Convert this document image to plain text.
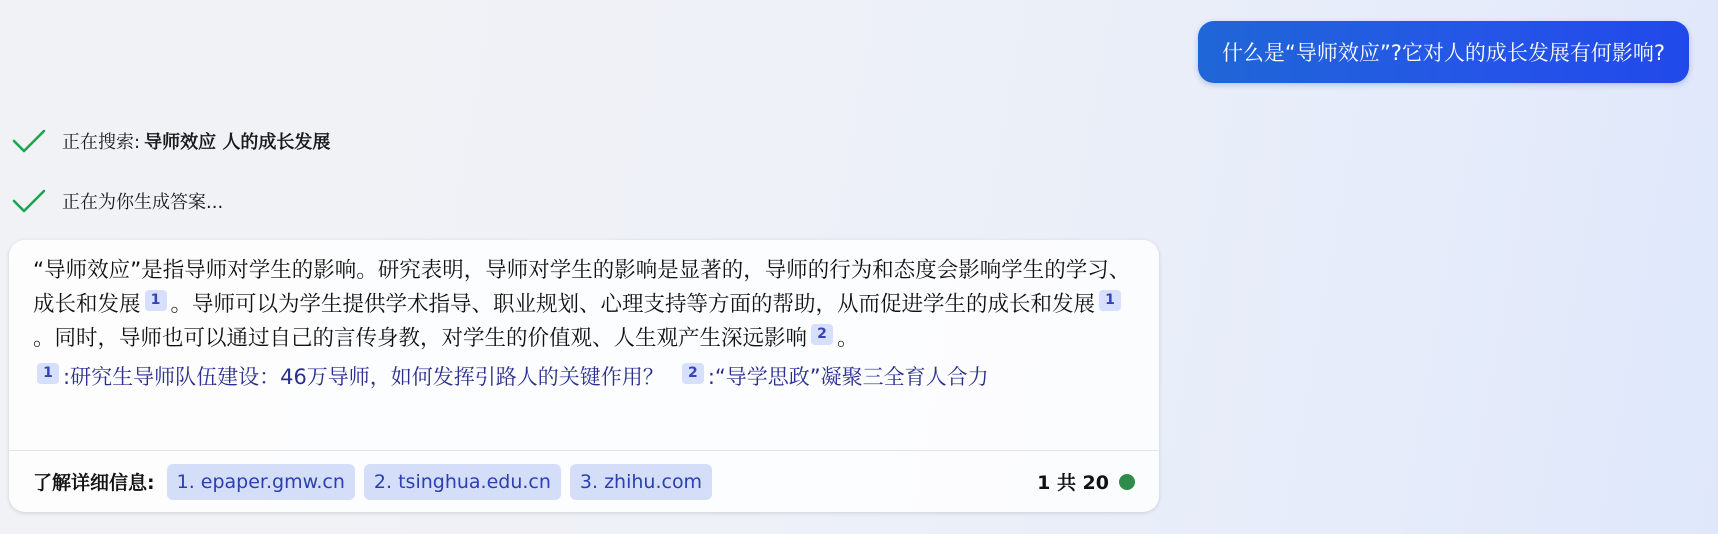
什么是“导师效应”?它对人的成长发展有何影响?
正在搜索: 导师效应 人的成长发展
正在为你生成答案...
“导师效应”是指导师对学生的影响。研究表明，导师对学生的影响是显著的，导师的行为和态度会影响学生的学习、成长和发展 1 。导师可以为学生提供学术指导、职业规划、心理支持等方面的帮助，从而促进学生的成长和发展 1。同时，导师也可以通过自己的言传身教，对学生的价值观、人生观产生深远影响 2 。
1 :研究生导师队伍建设：46万导师，如何发挥引路人的关键作用？ 2 :“导学思政”凝聚三全育人合力
了解详细信息:	1. epaper.gmw.cn	2. tsinghua.edu.cn	3. zhihu.com	1 共 20
